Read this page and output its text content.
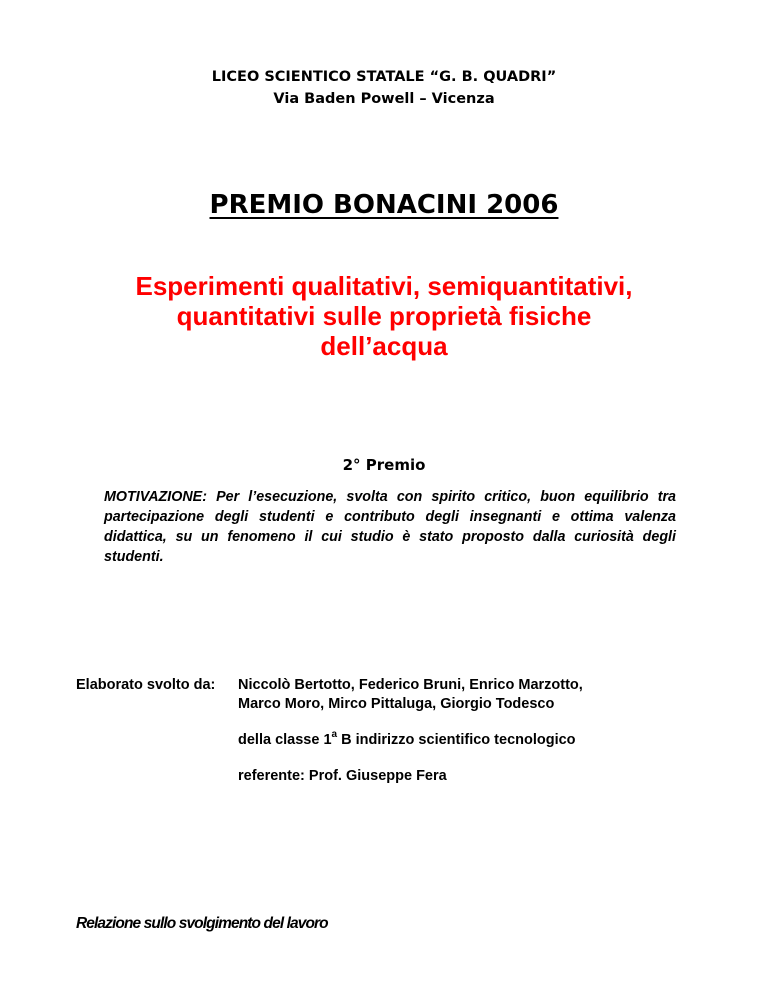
LICEO SCIENTICO STATALE “G. B. QUADRI”
Via Baden Powell – Vicenza
PREMIO BONACINI 2006
Esperimenti qualitativi, semiquantitativi,
quantitativi sulle proprietà fisiche
dell’acqua
2° Premio
MOTIVAZIONE: Per l’esecuzione, svolta con spirito critico, buon equilibrio tra partecipazione degli studenti e contributo degli insegnanti e ottima valenza didattica, su un fenomeno il cui studio è stato proposto dalla curiosità degli studenti.
Elaborato svolto da: Niccolò Bertotto, Federico Bruni, Enrico Marzotto,
Marco Moro, Mirco Pittaluga, Giorgio Todesco
della classe 1$^a$ B indirizzo scientifico tecnologico
referente: Prof. Giuseppe Fera
Relazione sullo svolgimento del lavoro
